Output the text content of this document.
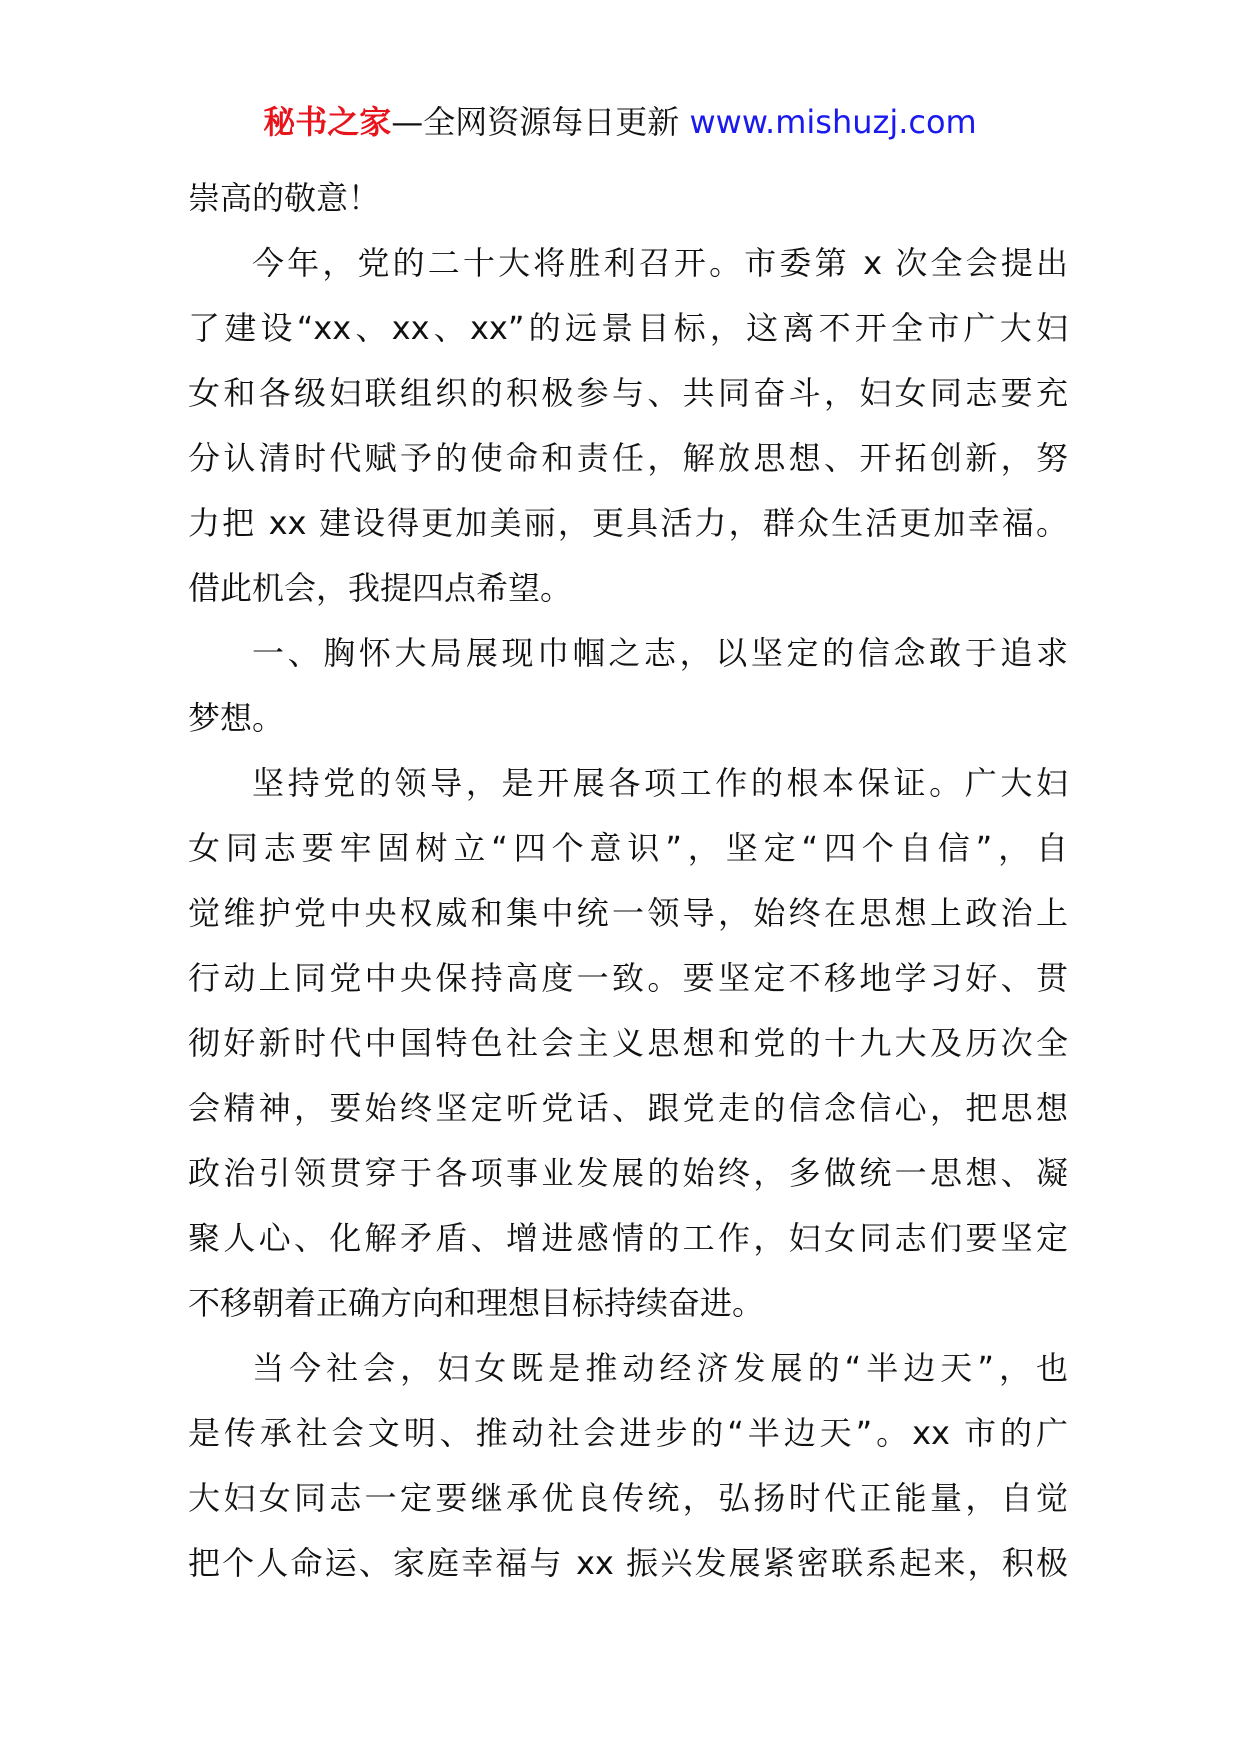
秘书之家—全网资源每日更新 www.mishuzj.com
崇高的敬意！
今年，党的二十大将胜利召开。市委第 x 次全会提出
了建设“xx、xx、xx”的远景目标，这离不开全市广大妇
女和各级妇联组织的积极参与、共同奋斗，妇女同志要充
分认清时代赋予的使命和责任，解放思想、开拓创新，努
力把 xx 建设得更加美丽，更具活力，群众生活更加幸福。
借此机会，我提四点希望。
一、胸怀大局展现巾帼之志，以坚定的信念敢于追求
梦想。
坚持党的领导，是开展各项工作的根本保证。广大妇
女同志要牢固树立“四个意识”，坚定“四个自信”，自
觉维护党中央权威和集中统一领导，始终在思想上政治上
行动上同党中央保持高度一致。要坚定不移地学习好、贯
彻好新时代中国特色社会主义思想和党的十九大及历次全
会精神，要始终坚定听党话、跟党走的信念信心，把思想
政治引领贯穿于各项事业发展的始终，多做统一思想、凝
聚人心、化解矛盾、增进感情的工作，妇女同志们要坚定
不移朝着正确方向和理想目标持续奋进。
当今社会，妇女既是推动经济发展的“半边天”，也
是传承社会文明、推动社会进步的“半边天”。xx 市的广
大妇女同志一定要继承优良传统，弘扬时代正能量，自觉
把个人命运、家庭幸福与 xx 振兴发展紧密联系起来，积极
